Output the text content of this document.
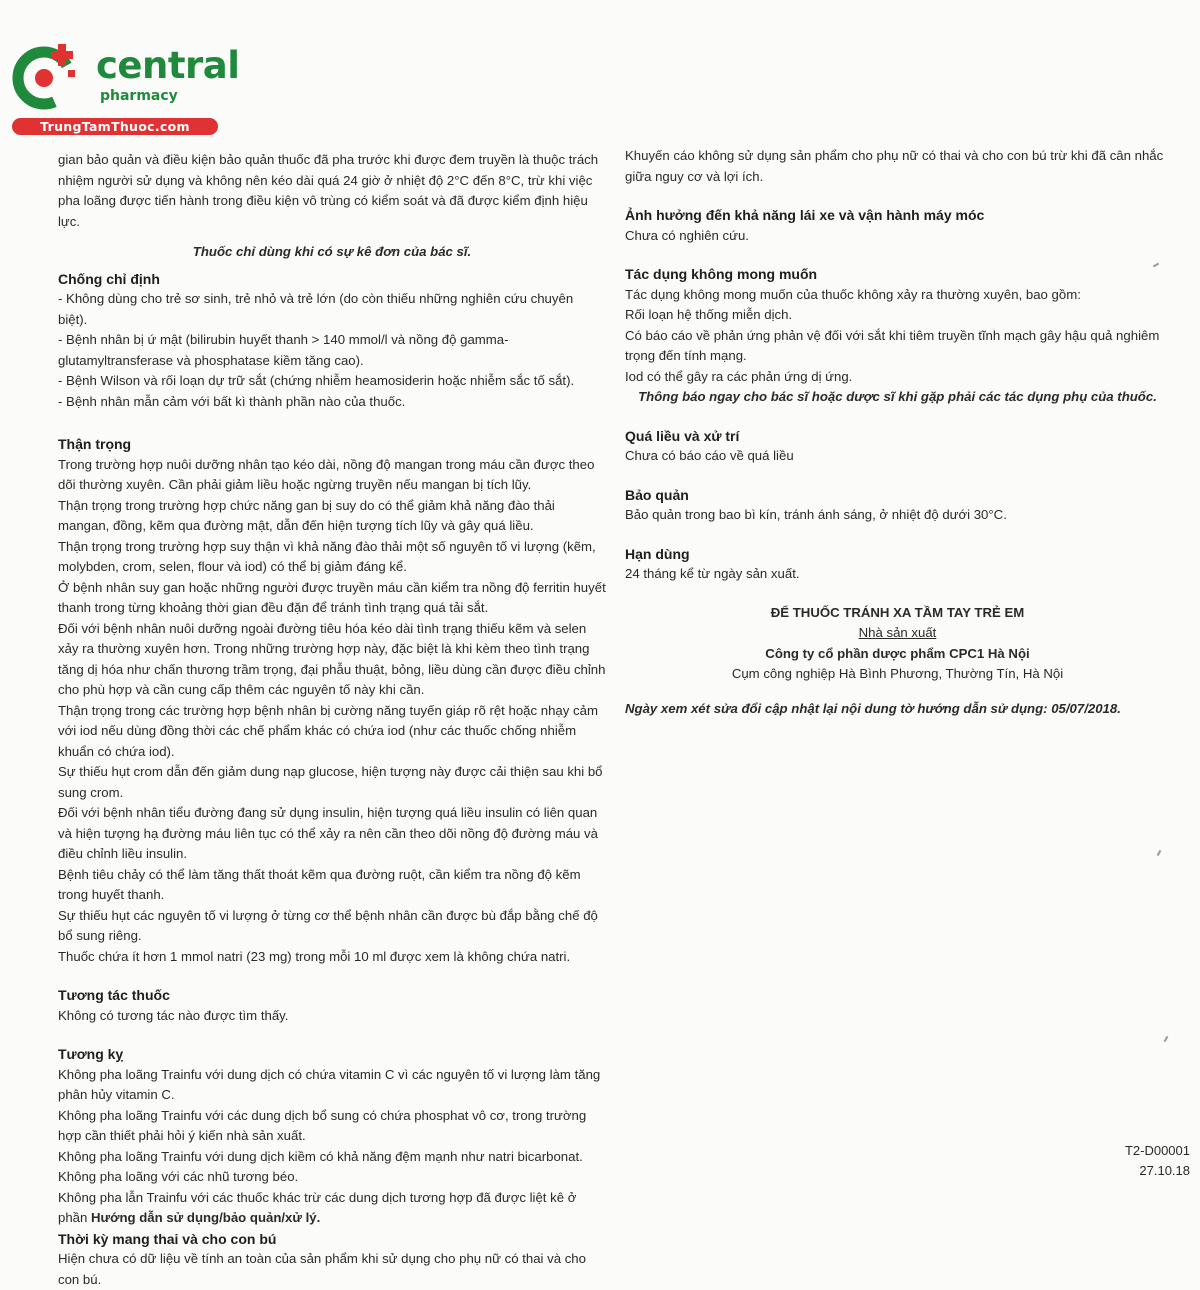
central
pharmacy
TrungTamThuoc.com

gian bảo quản và điều kiện bảo quản thuốc đã pha trước khi được đem truyền là thuộc trách nhiệm người sử dụng và không nên kéo dài quá 24 giờ ở nhiệt độ 2°C đến 8°C, trừ khi việc pha loãng được tiến hành trong điều kiện vô trùng có kiểm soát và đã được kiểm định hiệu lực.

Thuốc chỉ dùng khi có sự kê đơn của bác sĩ.

Chống chỉ định

- Không dùng cho trẻ sơ sinh, trẻ nhỏ và trẻ lớn (do còn thiếu những nghiên cứu chuyên biệt).

- Bệnh nhân bị ứ mật (bilirubin huyết thanh > 140 mmol/l và nồng độ gamma- glutamyltransferase và phosphatase kiềm tăng cao).

- Bệnh Wilson và rối loạn dự trữ sắt (chứng nhiễm heamosiderin hoặc nhiễm sắc tố sắt).

- Bệnh nhân mẫn cảm với bất kì thành phần nào của thuốc.

Thận trọng

Trong trường hợp nuôi dưỡng nhân tạo kéo dài, nồng độ mangan trong máu cần được theo dõi thường xuyên. Cần phải giảm liều hoặc ngừng truyền nếu mangan bị tích lũy.

Thận trọng trong trường hợp chức năng gan bị suy do có thể giảm khả năng đào thải mangan, đồng, kẽm qua đường mật, dẫn đến hiện tượng tích lũy và gây quá liều.

Thận trọng trong trường hợp suy thận vì khả năng đào thải một số nguyên tố vi lượng (kẽm, molybden, crom, selen, flour và iod) có thể bị giảm đáng kể.

Ở bệnh nhân suy gan hoặc những người được truyền máu cần kiểm tra nồng độ ferritin huyết thanh trong từng khoảng thời gian đều đặn để tránh tình trạng quá tải sắt.

Đối với bệnh nhân nuôi dưỡng ngoài đường tiêu hóa kéo dài tình trạng thiếu kẽm và selen xảy ra thường xuyên hơn. Trong những trường hợp này, đặc biệt là khi kèm theo tình trạng tăng dị hóa như chấn thương trầm trọng, đại phẫu thuật, bỏng, liều dùng cần được điều chỉnh cho phù hợp và cần cung cấp thêm các nguyên tố này khi cần.

Thận trọng trong các trường hợp bệnh nhân bị cường năng tuyến giáp rõ rệt hoặc nhạy cảm với iod nếu dùng đồng thời các chế phẩm khác có chứa iod (như các thuốc chống nhiễm khuẩn có chứa iod).

Sự thiếu hụt crom dẫn đến giảm dung nạp glucose, hiện tượng này được cải thiện sau khi bổ sung crom.

Đối với bệnh nhân tiểu đường đang sử dụng insulin, hiện tượng quá liều insulin có liên quan và hiện tượng hạ đường máu liên tục có thể xảy ra nên cần theo dõi nồng độ đường máu và điều chỉnh liều insulin.

Bệnh tiêu chảy có thể làm tăng thất thoát kẽm qua đường ruột, cần kiểm tra nồng độ kẽm trong huyết thanh.

Sự thiếu hụt các nguyên tố vi lượng ở từng cơ thể bệnh nhân cần được bù đắp bằng chế độ bổ sung riêng.

Thuốc chứa ít hơn 1 mmol natri (23 mg) trong mỗi 10 ml được xem là không chứa natri.

Tương tác thuốc

Không có tương tác nào được tìm thấy.

Tương kỵ

Không pha loãng Trainfu với dung dịch có chứa vitamin C vì các nguyên tố vi lượng làm tăng phân hủy vitamin C.

Không pha loãng Trainfu với các dung dịch bổ sung có chứa phosphat vô cơ, trong trường hợp cần thiết phải hỏi ý kiến nhà sản xuất.

Không pha loãng Trainfu với dung dịch kiềm có khả năng đệm mạnh như natri bicarbonat.

Không pha loãng với các nhũ tương béo.

Không pha lẫn Trainfu với các thuốc khác trừ các dung dịch tương hợp đã được liệt kê ở phần Hướng dẫn sử dụng/bảo quản/xử lý.

Thời kỳ mang thai và cho con bú

Hiện chưa có dữ liệu về tính an toàn của sản phẩm khi sử dụng cho phụ nữ có thai và cho con bú.

Khuyến cáo không sử dụng sản phẩm cho phụ nữ có thai và cho con bú trừ khi đã cân nhắc giữa nguy cơ và lợi ích.

Ảnh hưởng đến khả năng lái xe và vận hành máy móc

Chưa có nghiên cứu.

Tác dụng không mong muốn

Tác dụng không mong muốn của thuốc không xảy ra thường xuyên, bao gồm:

Rối loạn hệ thống miễn dịch.

Có báo cáo về phản ứng phản vệ đối với sắt khi tiêm truyền tĩnh mạch gây hậu quả nghiêm trọng đến tính mạng.

Iod có thể gây ra các phản ứng dị ứng.

Thông báo ngay cho bác sĩ hoặc dược sĩ khi gặp phải các tác dụng phụ của thuốc.

Quá liều và xử trí

Chưa có báo cáo về quá liều

Bảo quản

Bảo quản trong bao bì kín, tránh ánh sáng, ở nhiệt độ dưới 30°C.

Hạn dùng

24 tháng kể từ ngày sản xuất.

ĐỂ THUỐC TRÁNH XA TẦM TAY TRẺ EM

Nhà sản xuất

Công ty cổ phần dược phẩm CPC1 Hà Nội

Cụm công nghiệp Hà Bình Phương, Thường Tín, Hà Nội

Ngày xem xét sửa đổi cập nhật lại nội dung tờ hướng dẫn sử dụng: 05/07/2018.

T2-D00001
27.10.18
